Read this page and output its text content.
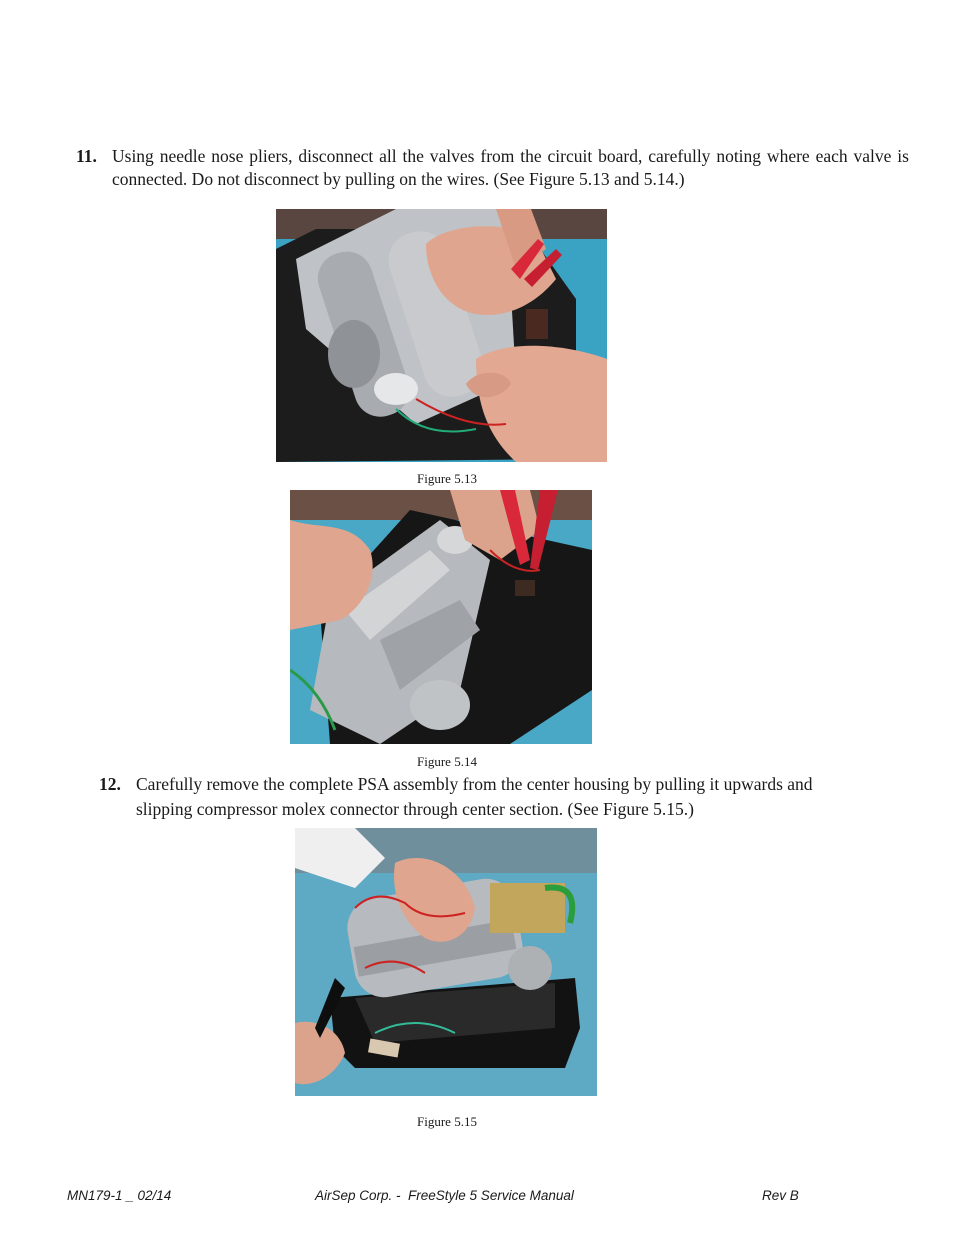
11. Using needle nose pliers, disconnect all the valves from the circuit board, carefully noting where each valve is connected. Do not disconnect by pulling on the wires. (See Figure 5.13 and 5.14.)
Figure 5.13
Figure 5.14
12. Carefully remove the complete PSA assembly from the center housing by pulling it upwards and slipping compressor molex connector through center section. (See Figure 5.15.)
Figure 5.15
MN179-1 _ 02/14	AirSep Corp. -  FreeStyle 5 Service Manual	Rev B
